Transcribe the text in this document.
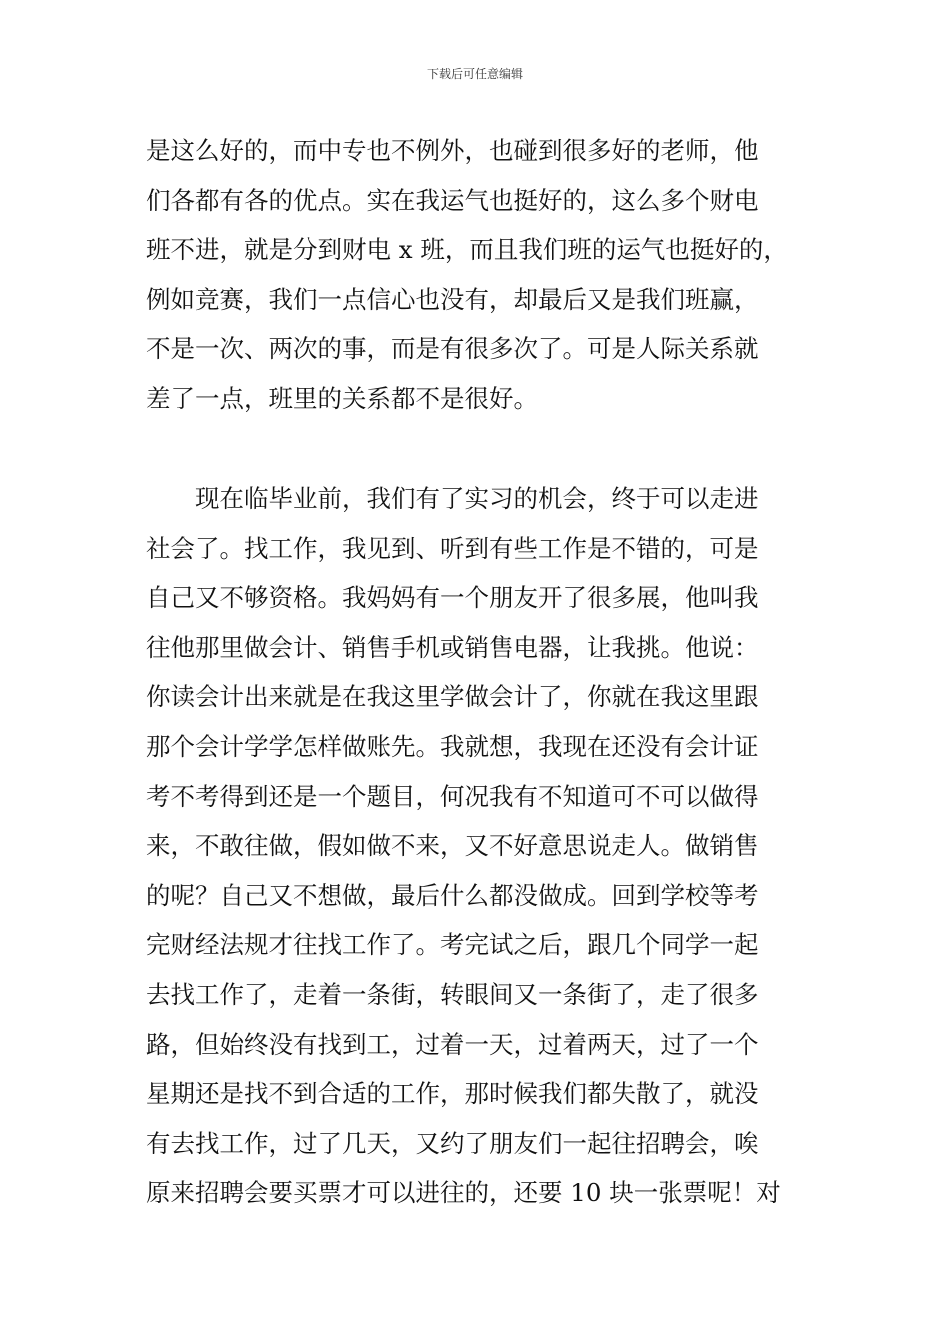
下载后可任意编辑
是这么好的，而中专也不例外，也碰到很多好的老师，他
们各都有各的优点。实在我运气也挺好的，这么多个财电
班不进，就是分到财电 x 班，而且我们班的运气也挺好的，
例如竞赛，我们一点信心也没有，却最后又是我们班赢，
不是一次、两次的事，而是有很多次了。可是人际关系就
差了一点，班里的关系都不是很好。
现在临毕业前，我们有了实习的机会，终于可以走进
社会了。找工作，我见到、听到有些工作是不错的，可是
自己又不够资格。我妈妈有一个朋友开了很多展，他叫我
往他那里做会计、销售手机或销售电器，让我挑。他说：
你读会计出来就是在我这里学做会计了，你就在我这里跟
那个会计学学怎样做账先。我就想，我现在还没有会计证
考不考得到还是一个题目，何况我有不知道可不可以做得
来，不敢往做，假如做不来，又不好意思说走人。做销售
的呢？自己又不想做，最后什么都没做成。回到学校等考
完财经法规才往找工作了。考完试之后，跟几个同学一起
去找工作了，走着一条街，转眼间又一条街了，走了很多
路，但始终没有找到工，过着一天，过着两天，过了一个
星期还是找不到合适的工作，那时候我们都失散了，就没
有去找工作，过了几天，又约了朋友们一起往招聘会，唉
原来招聘会要买票才可以进往的，还要 10 块一张票呢！对
